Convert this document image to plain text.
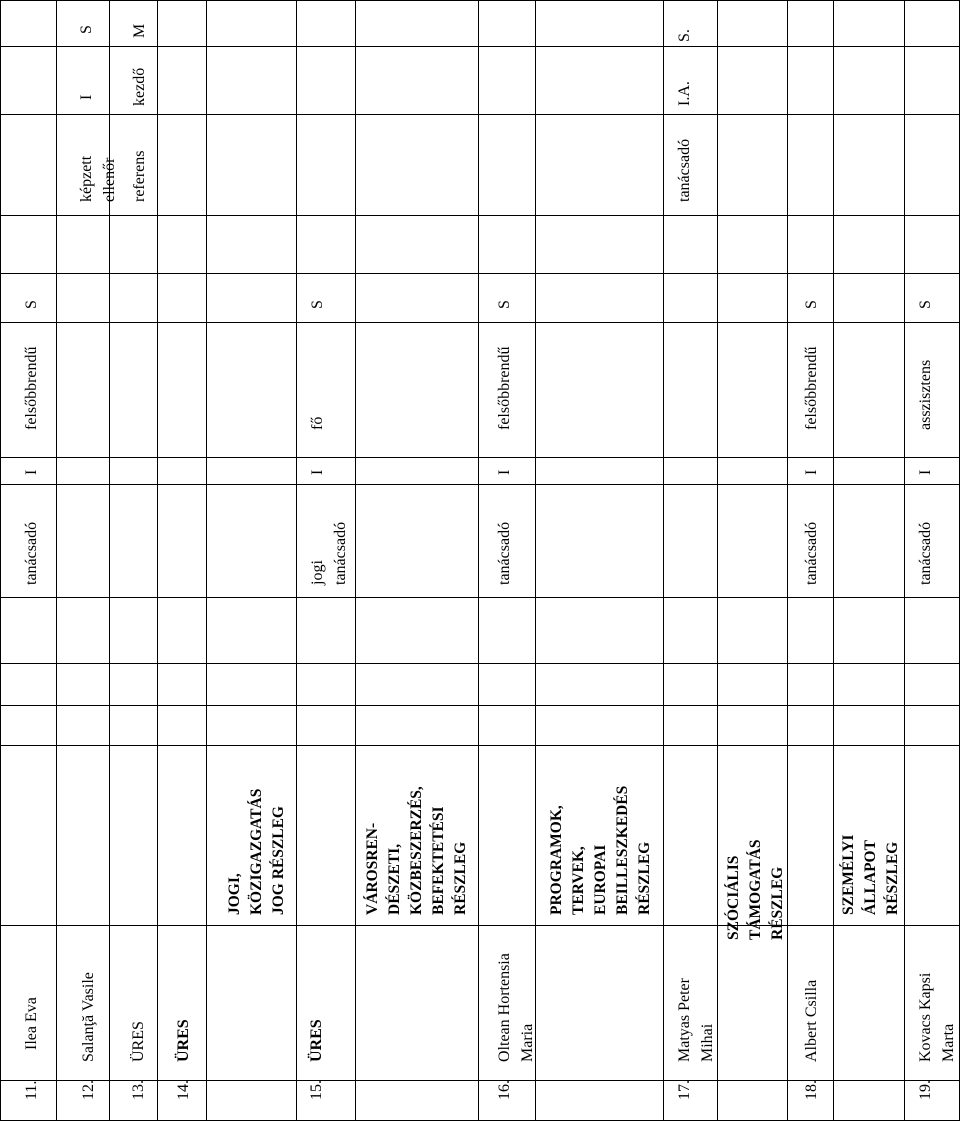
11.
Ilea Eva
tanácsadó
I
felsőbbrendű
S
képzett
ellenőr
I
S
12.
Salanţă Vasile
referens
kezdő
M
13.
ÜRES
14.
ÜRES
JOGI,
KÖZIGAZGATÁS
JOG RÉSZLEG
15.
ÜRES
jogi
tanácsadó
I
fő
S
VÁROSREN-
DÉSZETI,
KÖZBESZERZÉS,
BEFEKTETÉSI
RÉSZLEG
16.
Oltean Hortensia
Maria
tanácsadó
I
felsőbbrendű
S
PROGRAMOK,
TERVEK,
EUROPAI
BEILLESZKEDÉS
RÉSZLEG
tanácsadó
I.A.
S.
17.
Matyas Peter
Mihai
SZÓCIÁLIS
TÁMOGATÁS
RÉSZLEG
18.
Albert Csilla
tanácsadó
I
felsőbbrendű
S
SZEMÉLYI
ÁLLAPOT
RÉSZLEG
19.
Kovacs Kapsi
Marta
tanácsadó
I
asszisztens
S
